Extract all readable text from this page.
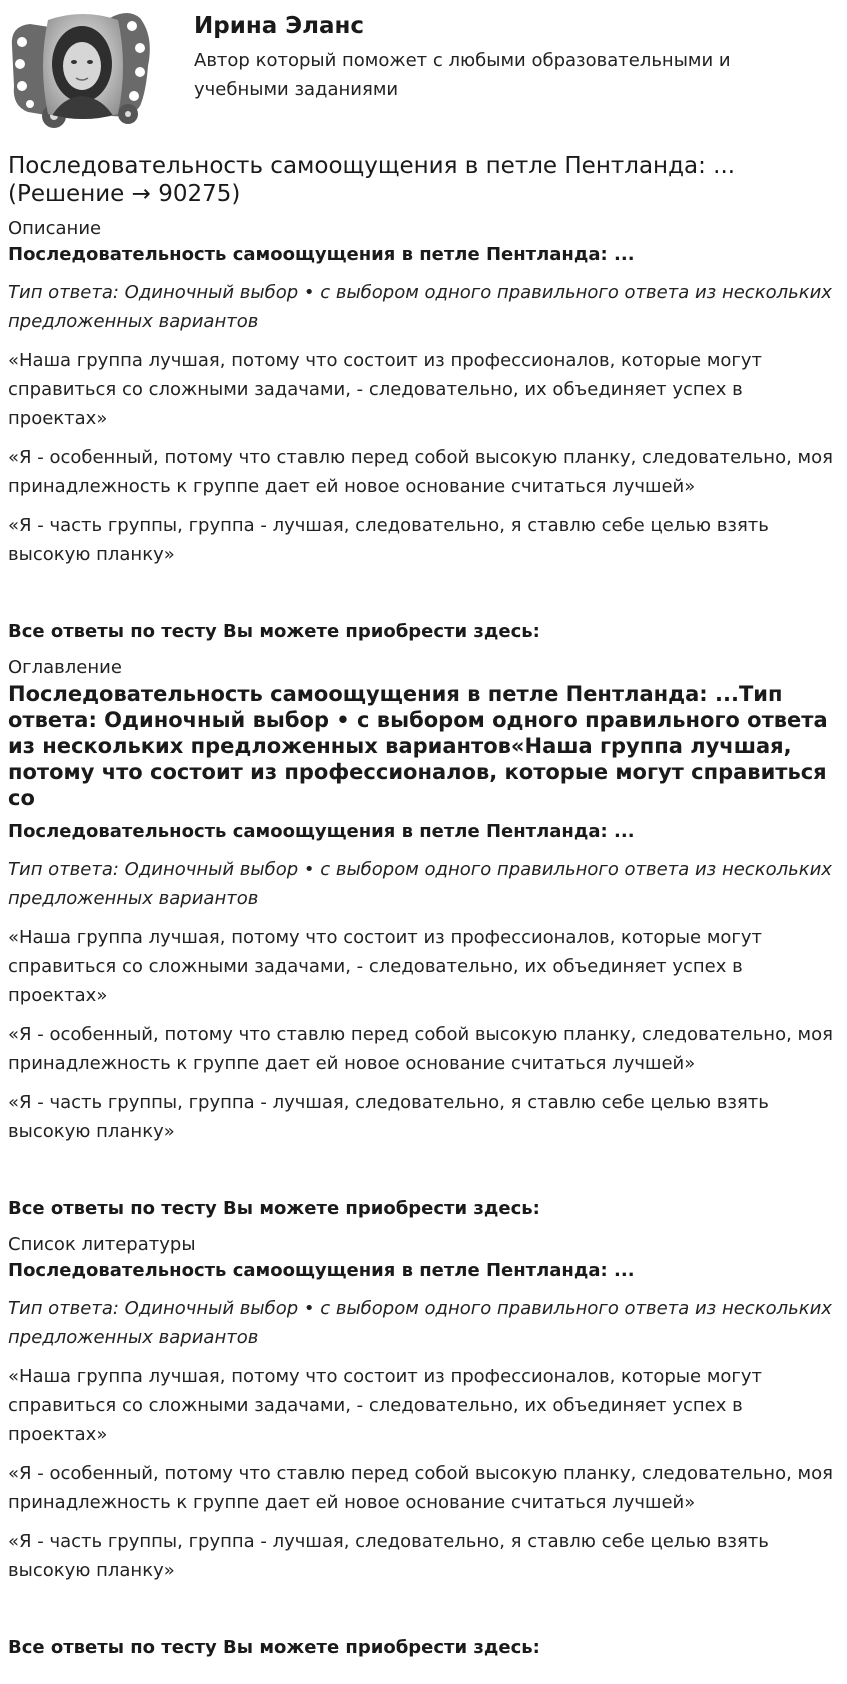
Ирина Эланс

Автор который поможет с любыми образовательными и учебными заданиями

Последовательность самоощущения в петле Пентланда: ... (Решение → 90275)

Описание

Последовательность самоощущения в петле Пентланда: ...

Тип ответа: Одиночный выбор • с выбором одного правильного ответа из нескольких предложенных вариантов

«Наша группа лучшая, потому что состоит из профессионалов, которые могут справиться со сложными задачами, - следовательно, их объединяет успех в проектах»

«Я - особенный, потому что ставлю перед собой высокую планку, следовательно, моя принадлежность к группе дает ей новое основание считаться лучшей»

«Я - часть группы, группа - лучшая, следовательно, я ставлю себе целью взять высокую планку»

Все ответы по тесту Вы можете приобрести здесь:

Оглавление

Последовательность самоощущения в петле Пентланда: ...Тип ответа: Одиночный выбор • с выбором одного правильного ответа из нескольких предложенных вариантов«Наша группа лучшая, потому что состоит из профессионалов, которые могут справиться со

Последовательность самоощущения в петле Пентланда: ...

Тип ответа: Одиночный выбор • с выбором одного правильного ответа из нескольких предложенных вариантов

«Наша группа лучшая, потому что состоит из профессионалов, которые могут справиться со сложными задачами, - следовательно, их объединяет успех в проектах»

«Я - особенный, потому что ставлю перед собой высокую планку, следовательно, моя принадлежность к группе дает ей новое основание считаться лучшей»

«Я - часть группы, группа - лучшая, следовательно, я ставлю себе целью взять высокую планку»

Все ответы по тесту Вы можете приобрести здесь:

Список литературы

Последовательность самоощущения в петле Пентланда: ...

Тип ответа: Одиночный выбор • с выбором одного правильного ответа из нескольких предложенных вариантов

«Наша группа лучшая, потому что состоит из профессионалов, которые могут справиться со сложными задачами, - следовательно, их объединяет успех в проектах»

«Я - особенный, потому что ставлю перед собой высокую планку, следовательно, моя принадлежность к группе дает ей новое основание считаться лучшей»

«Я - часть группы, группа - лучшая, следовательно, я ставлю себе целью взять высокую планку»

Все ответы по тесту Вы можете приобрести здесь:
